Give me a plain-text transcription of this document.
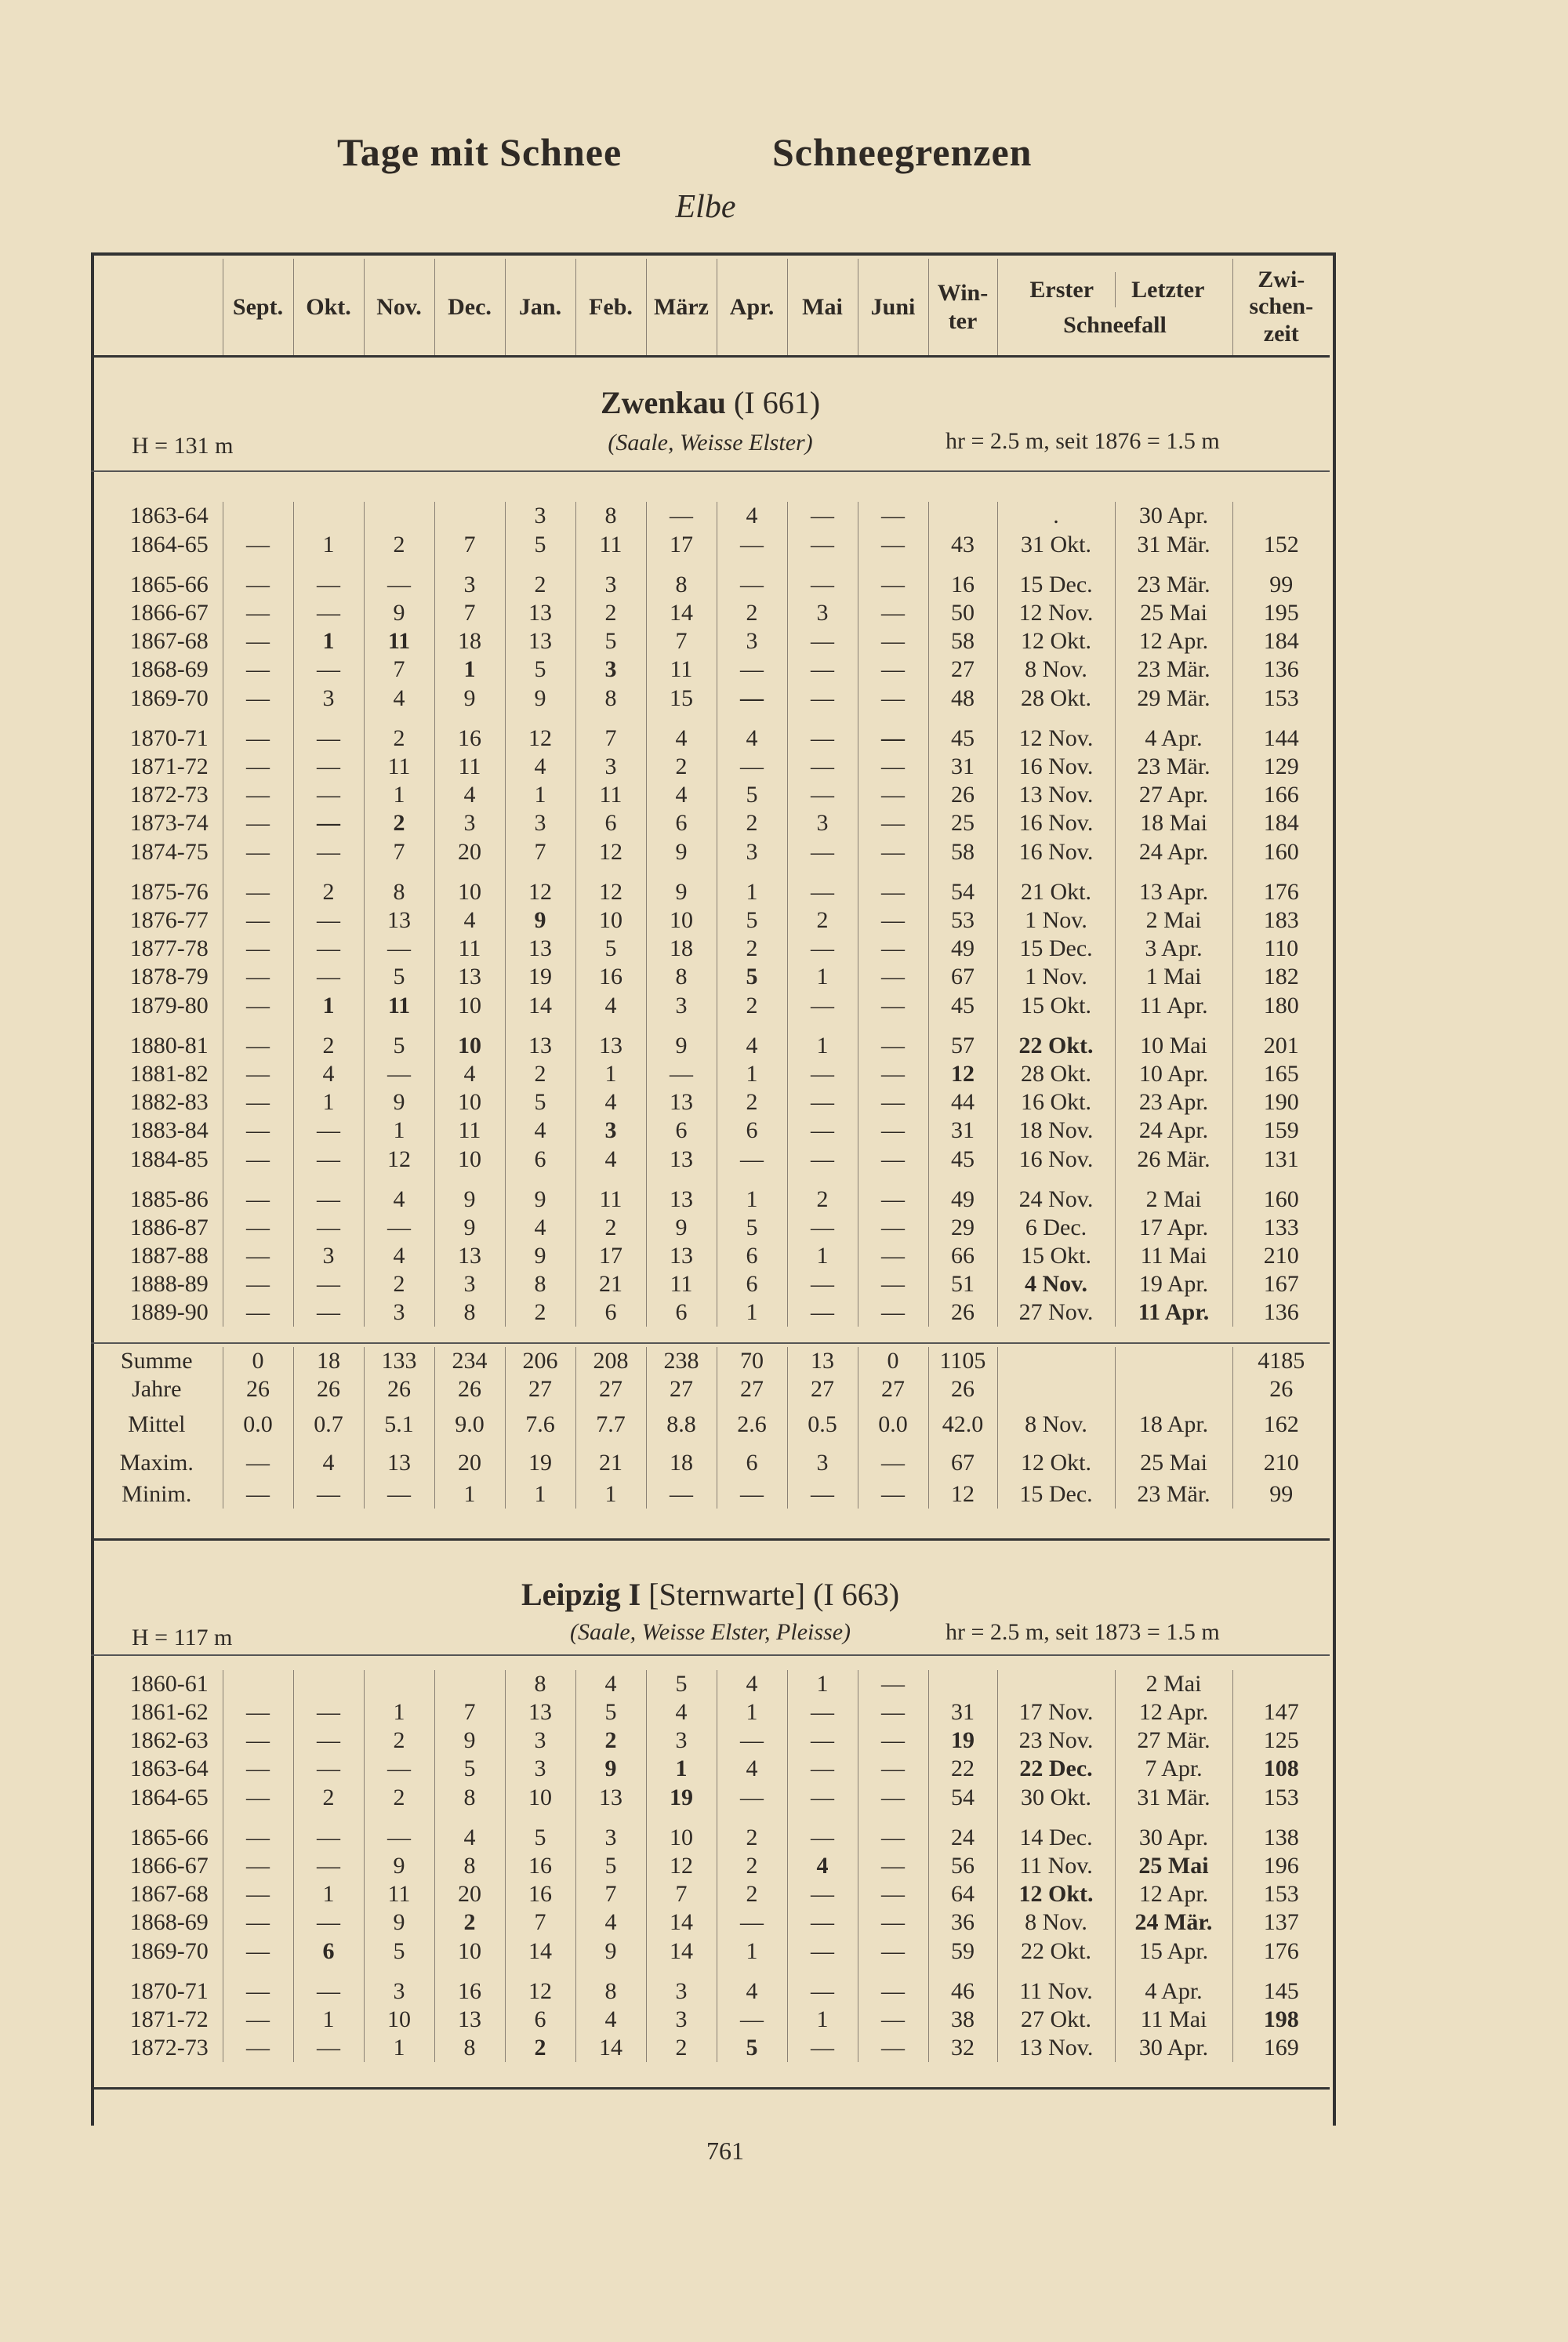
Tage mit Schnee	Schneegrenzen
Elbe
	Sept.	Okt.	Nov.	Dec.	Jan.	Feb.	März	Apr.	Mai	Juni	Win-
ter	Erster Letzter
Schneefall	Zwi-
schen-
zeit
Zwenkau (I 661)
(Saale, Weisse Elster)
H = 131 m	hr = 2.5 m, seit 1876 = 1.5 m
1863-64					3	8	—	4	—	—		.	30 Apr.	
1864-65	—	1	2	7	5	11	17	—	—	—	43	31 Okt.	31 Mär.	152
1865-66	—	—	—	3	2	3	8	—	—	—	16	15 Dec.	23 Mär.	99
1866-67	—	—	9	7	13	2	14	2	3	—	50	12 Nov.	25 Mai	195
1867-68	—	1	11	18	13	5	7	3	—	—	58	12 Okt.	12 Apr.	184
1868-69	—	—	7	1	5	3	11	—	—	—	27	8 Nov.	23 Mär.	136
1869-70	—	3	4	9	9	8	15	—	—	—	48	28 Okt.	29 Mär.	153
1870-71	—	—	2	16	12	7	4	4	—	—	45	12 Nov.	4 Apr.	144
1871-72	—	—	11	11	4	3	2	—	—	—	31	16 Nov.	23 Mär.	129
1872-73	—	—	1	4	1	11	4	5	—	—	26	13 Nov.	27 Apr.	166
1873-74	—	—	2	3	3	6	6	2	3	—	25	16 Nov.	18 Mai	184
1874-75	—	—	7	20	7	12	9	3	—	—	58	16 Nov.	24 Apr.	160
1875-76	—	2	8	10	12	12	9	1	—	—	54	21 Okt.	13 Apr.	176
1876-77	—	—	13	4	9	10	10	5	2	—	53	1 Nov.	2 Mai	183
1877-78	—	—	—	11	13	5	18	2	—	—	49	15 Dec.	3 Apr.	110
1878-79	—	—	5	13	19	16	8	5	1	—	67	1 Nov.	1 Mai	182
1879-80	—	1	11	10	14	4	3	2	—	—	45	15 Okt.	11 Apr.	180
1880-81	—	2	5	10	13	13	9	4	1	—	57	22 Okt.	10 Mai	201
1881-82	—	4	—	4	2	1	—	1	—	—	12	28 Okt.	10 Apr.	165
1882-83	—	1	9	10	5	4	13	2	—	—	44	16 Okt.	23 Apr.	190
1883-84	—	—	1	11	4	3	6	6	—	—	31	18 Nov.	24 Apr.	159
1884-85	—	—	12	10	6	4	13	—	—	—	45	16 Nov.	26 Mär.	131
1885-86	—	—	4	9	9	11	13	1	2	—	49	24 Nov.	2 Mai	160
1886-87	—	—	—	9	4	2	9	5	—	—	29	6 Dec.	17 Apr.	133
1887-88	—	3	4	13	9	17	13	6	1	—	66	15 Okt.	11 Mai	210
1888-89	—	—	2	3	8	21	11	6	—	—	51	4 Nov.	19 Apr.	167
1889-90	—	—	3	8	2	6	6	1	—	—	26	27 Nov.	11 Apr.	136
Summe	0	18	133	234	206	208	238	70	13	0	1105			4185
Jahre	26	26	26	26	27	27	27	27	27	27	26			26
Mittel	0.0	0.7	5.1	9.0	7.6	7.7	8.8	2.6	0.5	0.0	42.0	8 Nov.	18 Apr.	162
Maxim.	—	4	13	20	19	21	18	6	3	—	67	12 Okt.	25 Mai	210
Minim.	—	—	—	1	1	1	—	—	—	—	12	15 Dec.	23 Mär.	99
Leipzig I [Sternwarte] (I 663)
(Saale, Weisse Elster, Pleisse)
H = 117 m	hr = 2.5 m, seit 1873 = 1.5 m
1860-61					8	4	5	4	1	—			2 Mai	
1861-62	—	—	1	7	13	5	4	1	—	—	31	17 Nov.	12 Apr.	147
1862-63	—	—	2	9	3	2	3	—	—	—	19	23 Nov.	27 Mär.	125
1863-64	—	—	—	5	3	9	1	4	—	—	22	22 Dec.	7 Apr.	108
1864-65	—	2	2	8	10	13	19	—	—	—	54	30 Okt.	31 Mär.	153
1865-66	—	—	—	4	5	3	10	2	—	—	24	14 Dec.	30 Apr.	138
1866-67	—	—	9	8	16	5	12	2	4	—	56	11 Nov.	25 Mai	196
1867-68	—	1	11	20	16	7	7	2	—	—	64	12 Okt.	12 Apr.	153
1868-69	—	—	9	2	7	4	14	—	—	—	36	8 Nov.	24 Mär.	137
1869-70	—	6	5	10	14	9	14	1	—	—	59	22 Okt.	15 Apr.	176
1870-71	—	—	3	16	12	8	3	4	—	—	46	11 Nov.	4 Apr.	145
1871-72	—	1	10	13	6	4	3	—	1	—	38	27 Okt.	11 Mai	198
1872-73	—	—	1	8	2	14	2	5	—	—	32	13 Nov.	30 Apr.	169
761
